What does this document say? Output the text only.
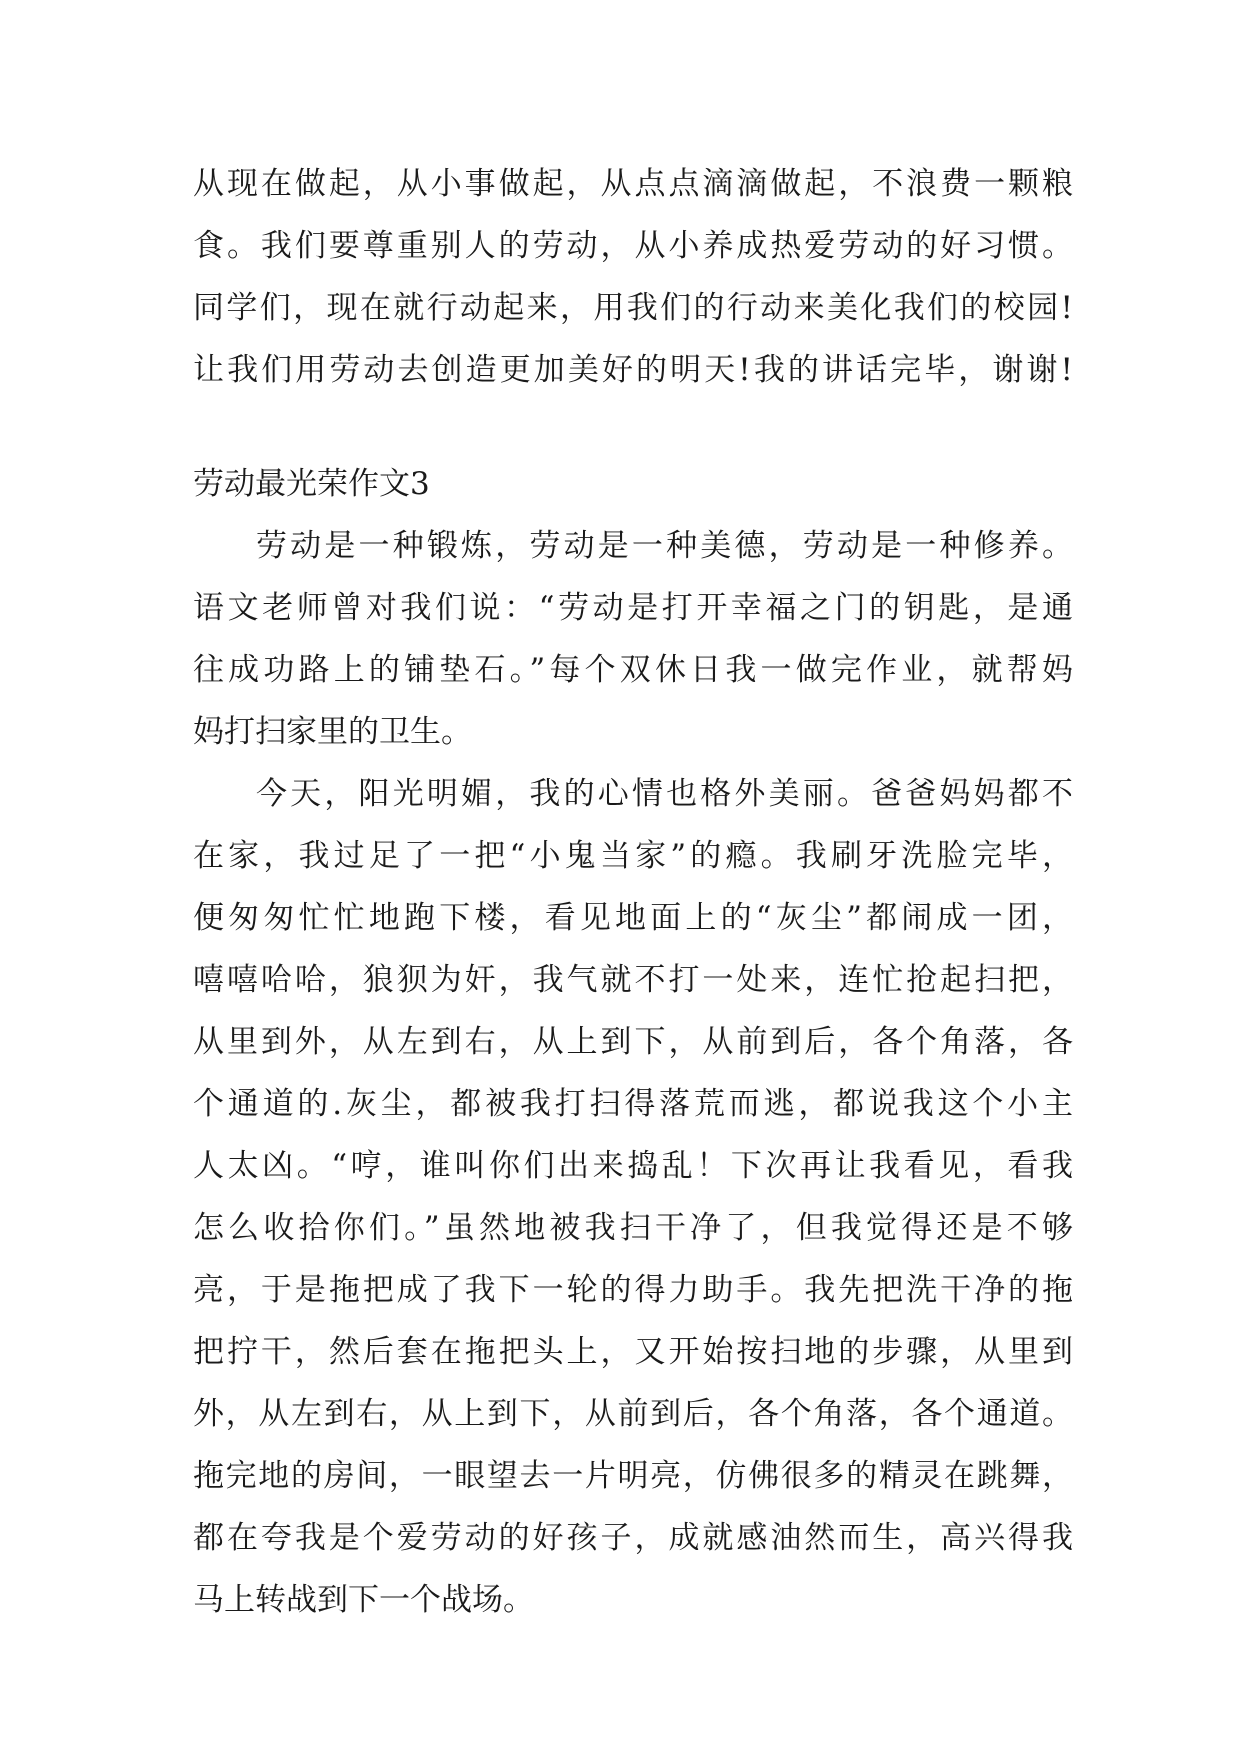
从现在做起，从小事做起，从点点滴滴做起，不浪费一颗粮
食。我们要尊重别人的劳动，从小养成热爱劳动的好习惯。
同学们，现在就行动起来，用我们的行动来美化我们的校园!
让我们用劳动去创造更加美好的明天!我的讲话完毕，谢谢!
劳动最光荣作文3
劳动是一种锻炼，劳动是一种美德，劳动是一种修养。
语文老师曾对我们说：“劳动是打开幸福之门的钥匙，是通
往成功路上的铺垫石。”每个双休日我一做完作业，就帮妈
妈打扫家里的卫生。
今天，阳光明媚，我的心情也格外美丽。爸爸妈妈都不
在家，我过足了一把“小鬼当家”的瘾。我刷牙洗脸完毕，
便匆匆忙忙地跑下楼，看见地面上的“灰尘”都闹成一团，
嘻嘻哈哈，狼狈为奸，我气就不打一处来，连忙抢起扫把，
从里到外，从左到右，从上到下，从前到后，各个角落，各
个通道的.灰尘，都被我打扫得落荒而逃，都说我这个小主
人太凶。“哼，谁叫你们出来捣乱！下次再让我看见，看我
怎么收拾你们。”虽然地被我扫干净了，但我觉得还是不够
亮，于是拖把成了我下一轮的得力助手。我先把洗干净的拖
把拧干，然后套在拖把头上，又开始按扫地的步骤，从里到
外，从左到右，从上到下，从前到后，各个角落，各个通道。
拖完地的房间，一眼望去一片明亮，仿佛很多的精灵在跳舞，
都在夸我是个爱劳动的好孩子，成就感油然而生，高兴得我
马上转战到下一个战场。
